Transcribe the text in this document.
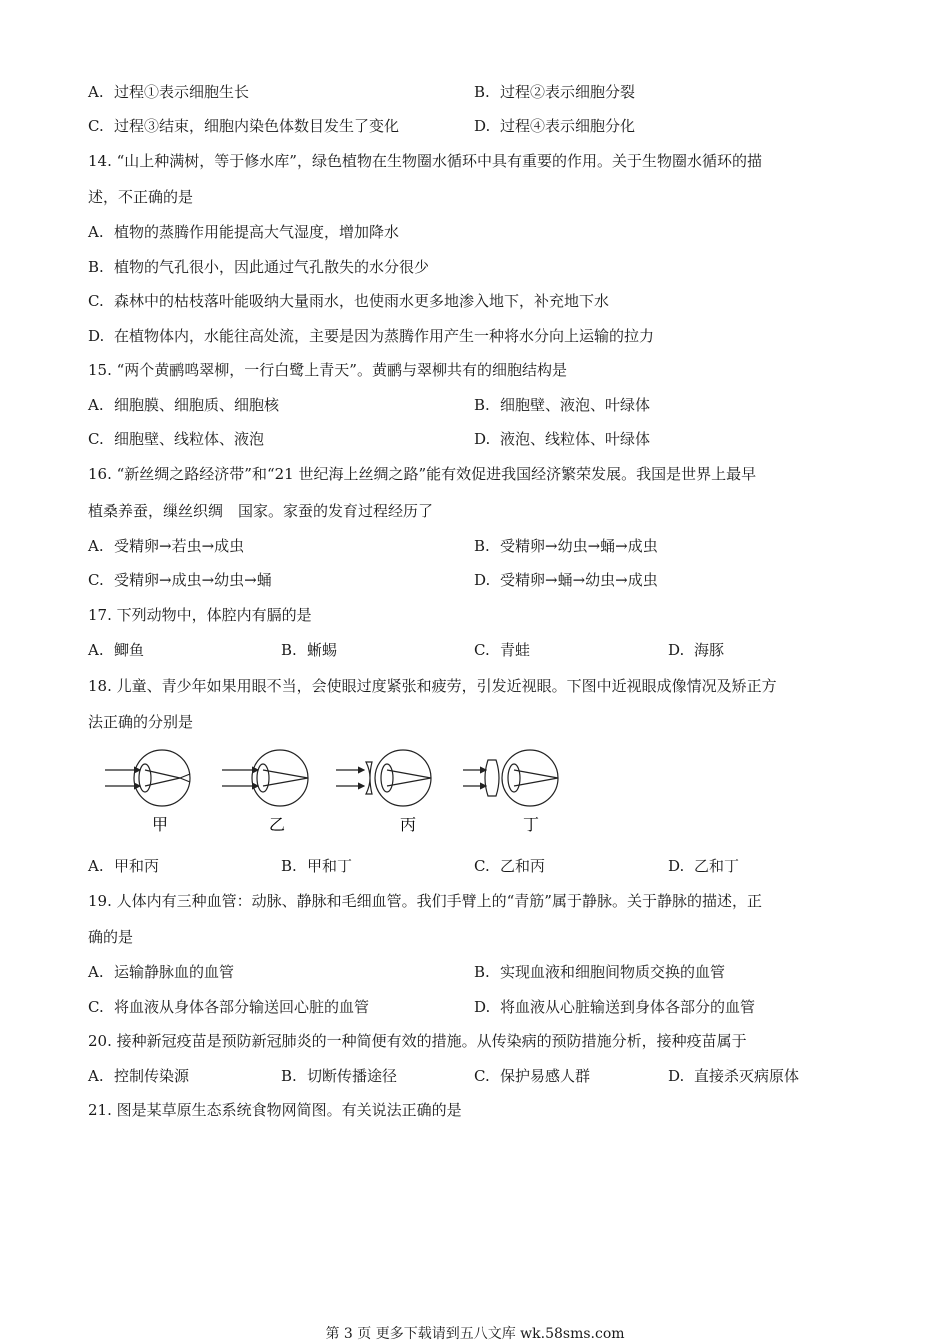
A. 过程①表示细胞生长	B. 过程②表示细胞分裂
C. 过程③结束，细胞内染色体数目发生了变化	D. 过程④表示细胞分化
14. “山上种满树，等于修水库”，绿色植物在生物圈水循环中具有重要的作用。关于生物圈水循环的描
述，不正确的是
A. 植物的蒸腾作用能提高大气湿度，增加降水
B. 植物的气孔很小，因此通过气孔散失的水分很少
C. 森林中的枯枝落叶能吸纳大量雨水，也使雨水更多地渗入地下，补充地下水
D. 在植物体内，水能往高处流，主要是因为蒸腾作用产生一种将水分向上运输的拉力
15. “两个黄鹂鸣翠柳，一行白鹭上青天”。黄鹂与翠柳共有的细胞结构是
A. 细胞膜、细胞质、细胞核	B. 细胞壁、液泡、叶绿体
C. 细胞壁、线粒体、液泡	D. 液泡、线粒体、叶绿体
16. “新丝绸之路经济带”和“21 世纪海上丝绸之路”能有效促进我国经济繁荣发展。我国是世界上最早
植桑养蚕，缫丝织绸　国家。家蚕的发育过程经历了
A. 受精卵→若虫→成虫	B. 受精卵→幼虫→蛹→成虫
C. 受精卵→成虫→幼虫→蛹	D. 受精卵→蛹→幼虫→成虫
17. 下列动物中，体腔内有膈的是
A. 鲫鱼	B. 蜥蜴	C. 青蛙	D. 海豚
18. 儿童、青少年如果用眼不当，会使眼过度紧张和疲劳，引发近视眼。下图中近视眼成像情况及矫正方
法正确的分别是
甲	乙	丙	丁
A. 甲和丙	B. 甲和丁	C. 乙和丙	D. 乙和丁
19. 人体内有三种血管：动脉、静脉和毛细血管。我们手臂上的“青筋”属于静脉。关于静脉的描述，正
确的是
A. 运输静脉血的血管	B. 实现血液和细胞间物质交换的血管
C. 将血液从身体各部分输送回心脏的血管	D. 将血液从心脏输送到身体各部分的血管
20. 接种新冠疫苗是预防新冠肺炎的一种简便有效的措施。从传染病的预防措施分析，接种疫苗属于
A. 控制传染源	B. 切断传播途径	C. 保护易感人群	D. 直接杀灭病原体
21. 图是某草原生态系统食物网简图。有关说法正确的是
第 3 页 更多下载请到五八文库 wk.58sms.com
